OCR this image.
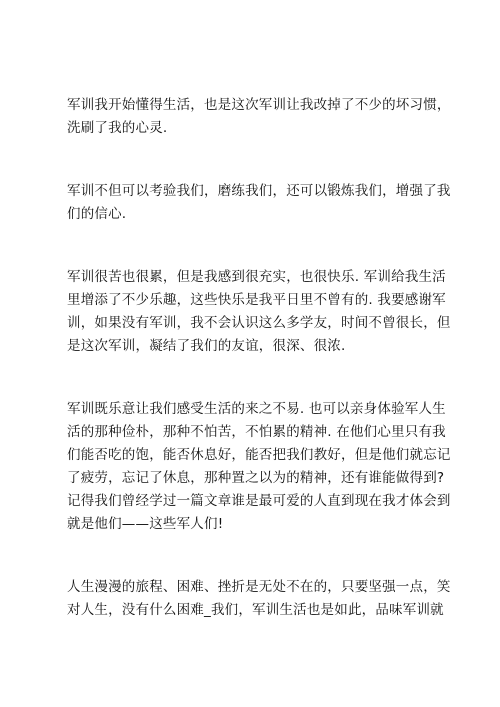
军训我开始懂得生活，也是这次军训让我改掉了不少的坏习惯，
洗刷了我的心灵.

军训不但可以考验我们，磨练我们，还可以锻炼我们，增强了我
们的信心.

军训很苦也很累，但是我感到很充实，也很快乐. 军训给我生活
里增添了不少乐趣，这些快乐是我平日里不曾有的. 我要感谢军
训，如果没有军训，我不会认识这么多学友，时间不曾很长，但
是这次军训，凝结了我们的友谊，很深、很浓.

军训既乐意让我们感受生活的来之不易. 也可以亲身体验军人生
活的那种俭朴，那种不怕苦，不怕累的精神. 在他们心里只有我
们能否吃的饱，能否休息好，能否把我们教好，但是他们就忘记
了疲劳，忘记了休息，那种置之以为的精神，还有谁能做得到?
记得我们曾经学过一篇文章谁是最可爱的人直到现在我才体会到
就是他们——这些军人们!

人生漫漫的旅程、困难、挫折是无处不在的，只要坚强一点，笑
对人生，没有什么困难_我们，军训生活也是如此，品味军训就
